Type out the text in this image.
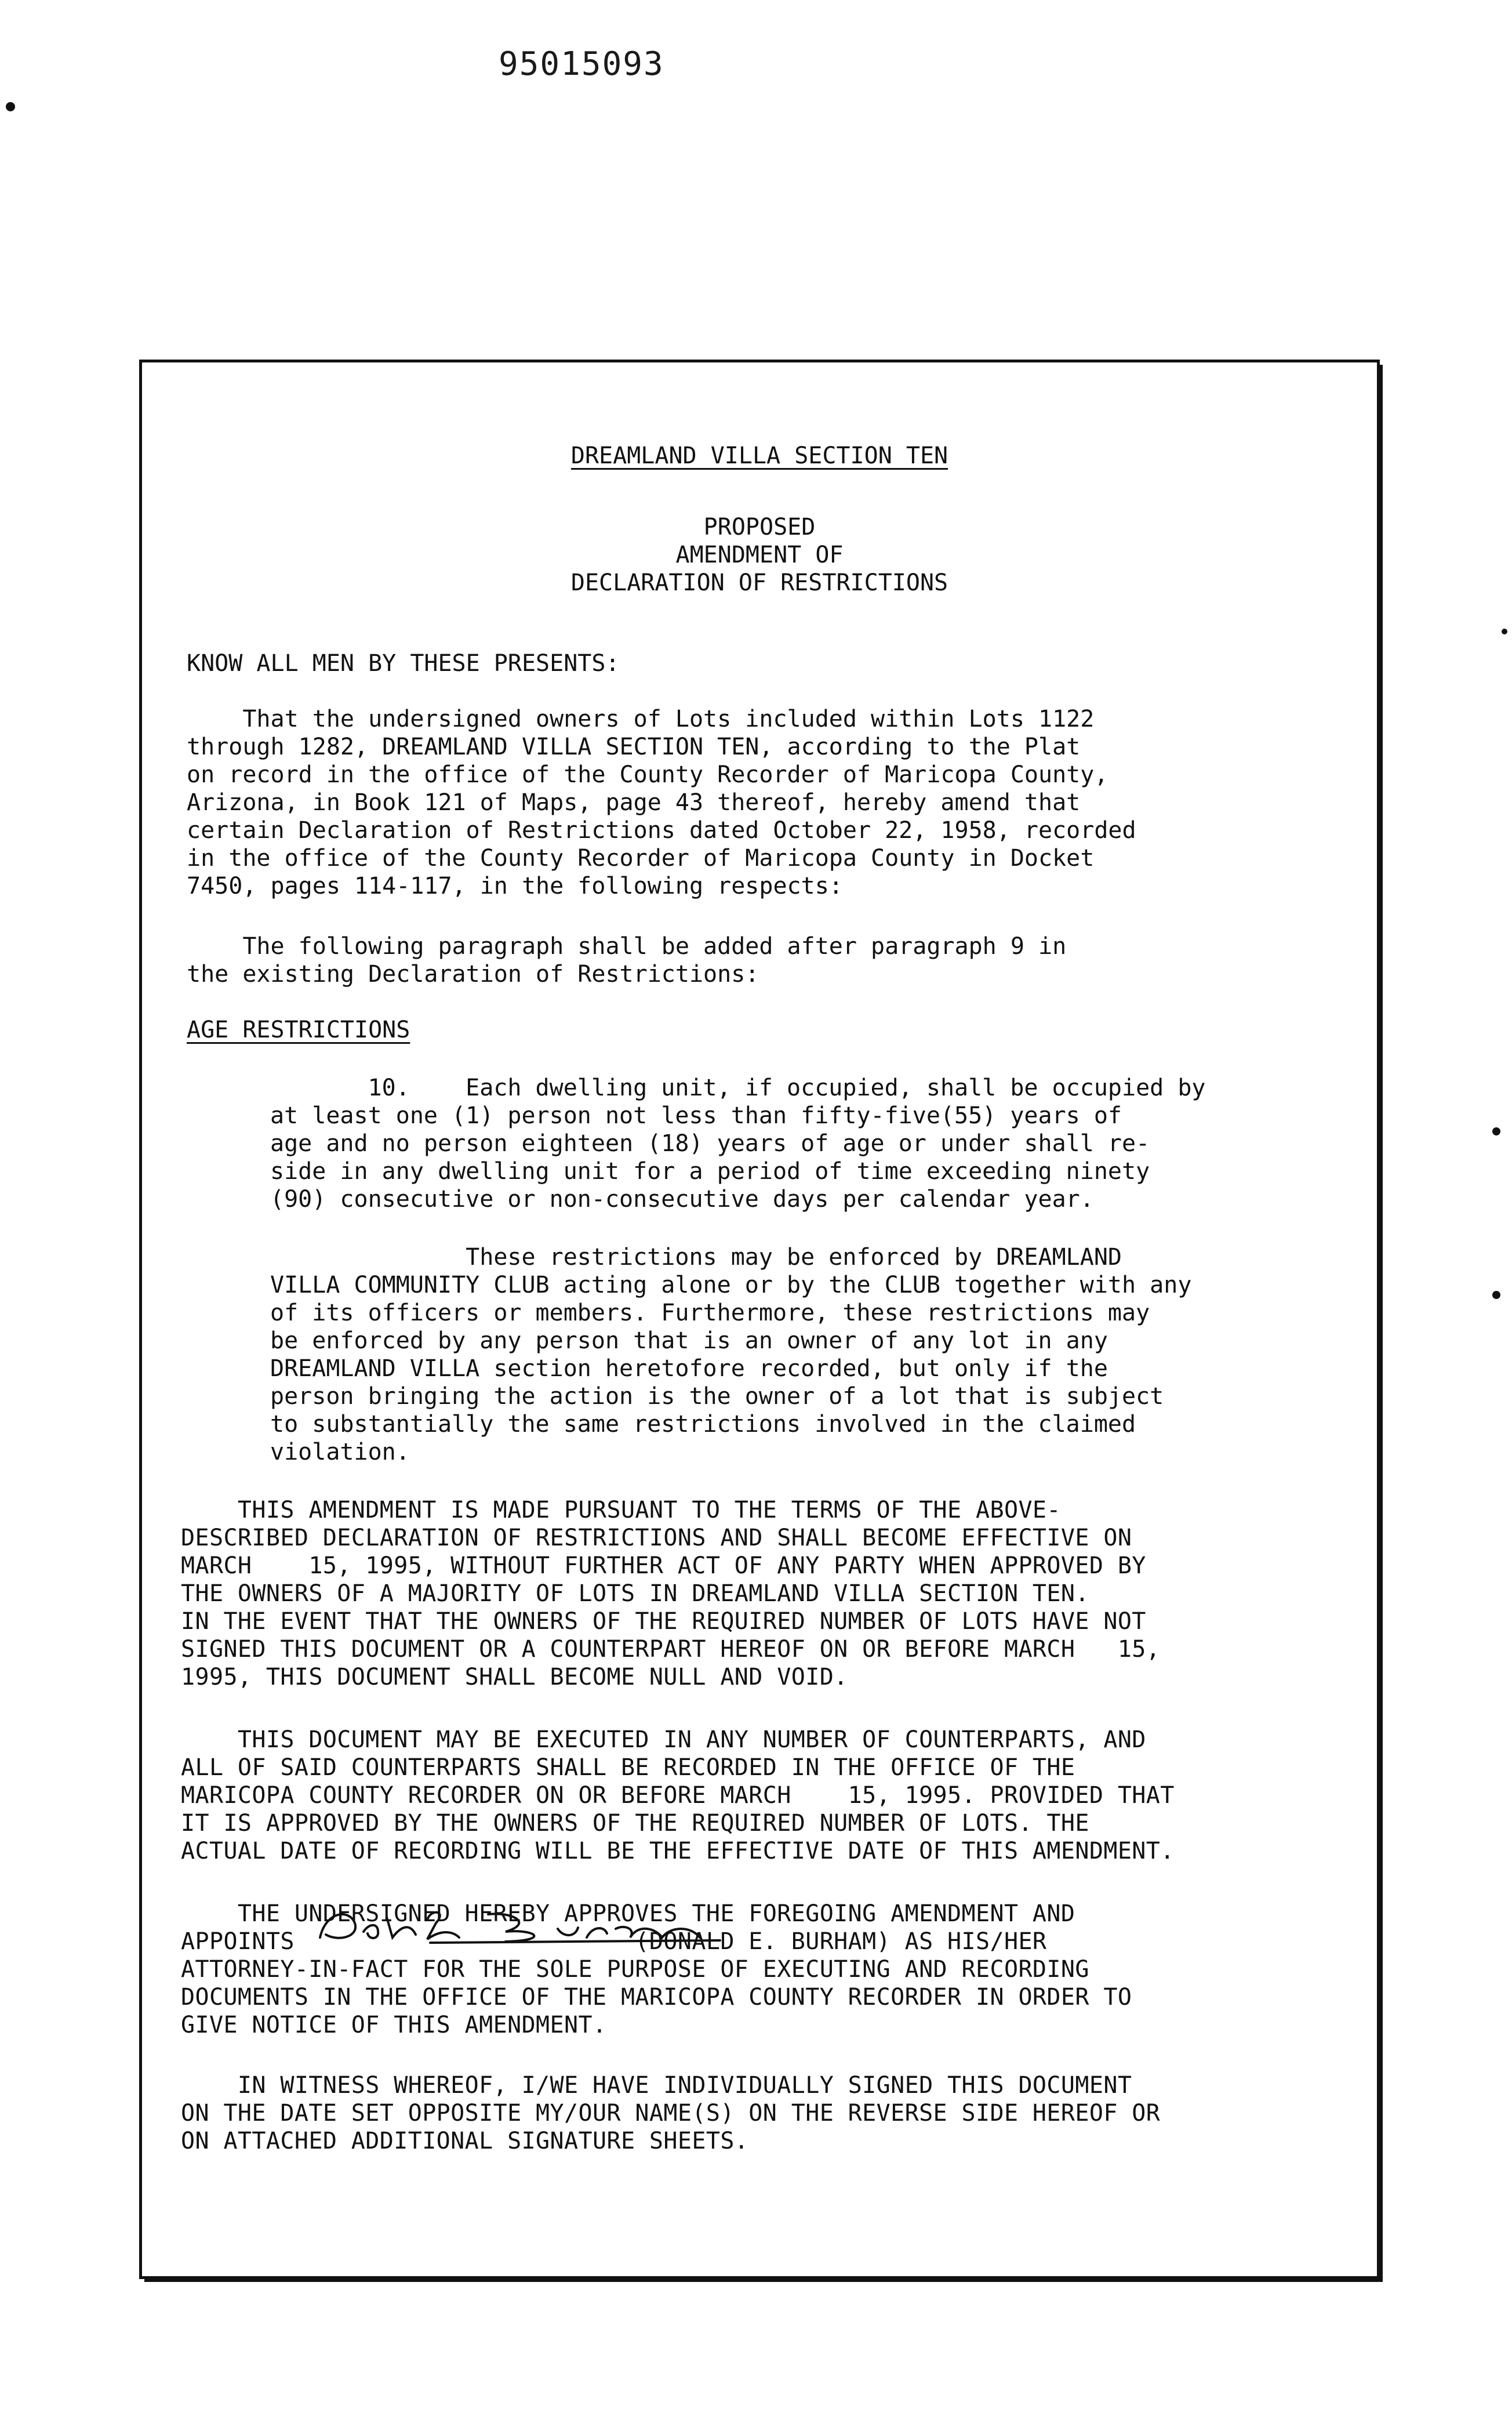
95015093
DREAMLAND VILLA SECTION TEN
PROPOSED
AMENDMENT OF
DECLARATION OF RESTRICTIONS
KNOW ALL MEN BY THESE PRESENTS:
That the undersigned owners of Lots included within Lots 1122
through 1282, DREAMLAND VILLA SECTION TEN, according to the Plat
on record in the office of the County Recorder of Maricopa County,
Arizona, in Book 121 of Maps, page 43 thereof, hereby amend that
certain Declaration of Restrictions dated October 22, 1958, recorded
in the office of the County Recorder of Maricopa County in Docket
7450, pages 114-117, in the following respects:
The following paragraph shall be added after paragraph 9 in
the existing Declaration of Restrictions:
AGE RESTRICTIONS
10.    Each dwelling unit, if occupied, shall be occupied by
at least one (1) person not less than fifty-five(55) years of
age and no person eighteen (18) years of age or under shall re-
side in any dwelling unit for a period of time exceeding ninety
(90) consecutive or non-consecutive days per calendar year.
These restrictions may be enforced by DREAMLAND
VILLA COMMUNITY CLUB acting alone or by the CLUB together with any
of its officers or members. Furthermore, these restrictions may
be enforced by any person that is an owner of any lot in any
DREAMLAND VILLA section heretofore recorded, but only if the
person bringing the action is the owner of a lot that is subject
to substantially the same restrictions involved in the claimed
violation.
THIS AMENDMENT IS MADE PURSUANT TO THE TERMS OF THE ABOVE-
DESCRIBED DECLARATION OF RESTRICTIONS AND SHALL BECOME EFFECTIVE ON
MARCH    15, 1995, WITHOUT FURTHER ACT OF ANY PARTY WHEN APPROVED BY
THE OWNERS OF A MAJORITY OF LOTS IN DREAMLAND VILLA SECTION TEN.
IN THE EVENT THAT THE OWNERS OF THE REQUIRED NUMBER OF LOTS HAVE NOT
SIGNED THIS DOCUMENT OR A COUNTERPART HEREOF ON OR BEFORE MARCH   15,
1995, THIS DOCUMENT SHALL BECOME NULL AND VOID.
THIS DOCUMENT MAY BE EXECUTED IN ANY NUMBER OF COUNTERPARTS, AND
ALL OF SAID COUNTERPARTS SHALL BE RECORDED IN THE OFFICE OF THE
MARICOPA COUNTY RECORDER ON OR BEFORE MARCH    15, 1995. PROVIDED THAT
IT IS APPROVED BY THE OWNERS OF THE REQUIRED NUMBER OF LOTS. THE
ACTUAL DATE OF RECORDING WILL BE THE EFFECTIVE DATE OF THIS AMENDMENT.
THE UNDERSIGNED HEREBY APPROVES THE FOREGOING AMENDMENT AND
APPOINTS                        (DONALD E. BURHAM) AS HIS/HER
ATTORNEY-IN-FACT FOR THE SOLE PURPOSE OF EXECUTING AND RECORDING
DOCUMENTS IN THE OFFICE OF THE MARICOPA COUNTY RECORDER IN ORDER TO
GIVE NOTICE OF THIS AMENDMENT.
IN WITNESS WHEREOF, I/WE HAVE INDIVIDUALLY SIGNED THIS DOCUMENT
ON THE DATE SET OPPOSITE MY/OUR NAME(S) ON THE REVERSE SIDE HEREOF OR
ON ATTACHED ADDITIONAL SIGNATURE SHEETS.
